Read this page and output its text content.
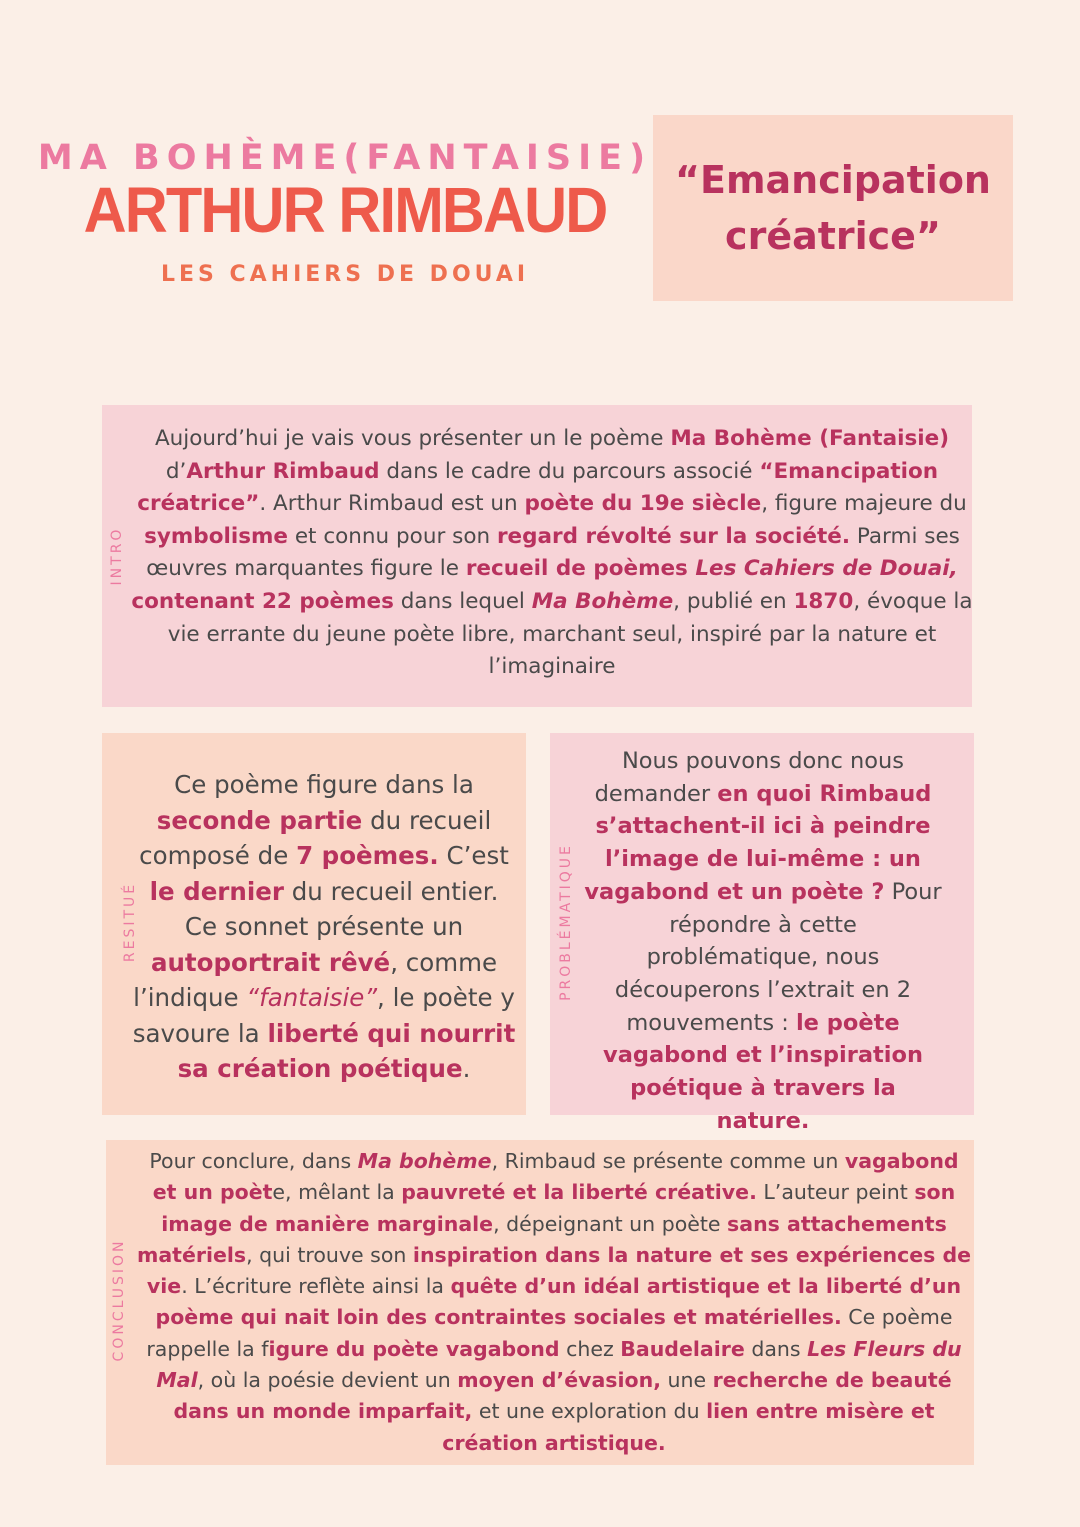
MA BOHÈME(FANTAISIE)
ARTHUR RIMBAUD
LES CAHIERS DE DOUAI
“Emancipation
créatrice”
INTRO
Aujourd’hui je vais vous présenter un le poème Ma Bohème (Fantaisie) d’Arthur Rimbaud dans le cadre du parcours associé “Emancipation créatrice”. Arthur Rimbaud est un poète du 19e siècle, figure majeure du symbolisme et connu pour son regard révolté sur la société. Parmi ses œuvres marquantes figure le recueil de poèmes Les Cahiers de Douai, contenant 22 poèmes dans lequel Ma Bohème, publié en 1870, évoque la vie errante du jeune poète libre, marchant seul, inspiré par la nature et l’imaginaire
RESITUÉ
Ce poème figure dans la seconde partie du recueil composé de 7 poèmes. C’est le dernier du recueil entier. Ce sonnet présente un autoportrait rêvé, comme l’indique “fantaisie”, le poète y savoure la liberté qui nourrit sa création poétique.
PROBLÉMATIQUE
Nous pouvons donc nous demander en quoi Rimbaud s’attachent-il ici à peindre l’image de lui-même : un vagabond et un poète ? Pour répondre à cette problématique, nous découperons l’extrait en 2 mouvements : le poète vagabond et l’inspiration poétique à travers la nature.
CONCLUSION
Pour conclure, dans Ma bohème, Rimbaud se présente comme un vagabond et un poète, mêlant la pauvreté et la liberté créative. L’auteur peint son image de manière marginale, dépeignant un poète sans attachements matériels, qui trouve son inspiration dans la nature et ses expériences de vie. L’écriture reflète ainsi la quête d’un idéal artistique et la liberté d’un poème qui nait loin des contraintes sociales et matérielles. Ce poème rappelle la figure du poète vagabond chez Baudelaire dans Les Fleurs du Mal, où la poésie devient un moyen d’évasion, une recherche de beauté dans un monde imparfait, et une exploration du lien entre misère et création artistique.
